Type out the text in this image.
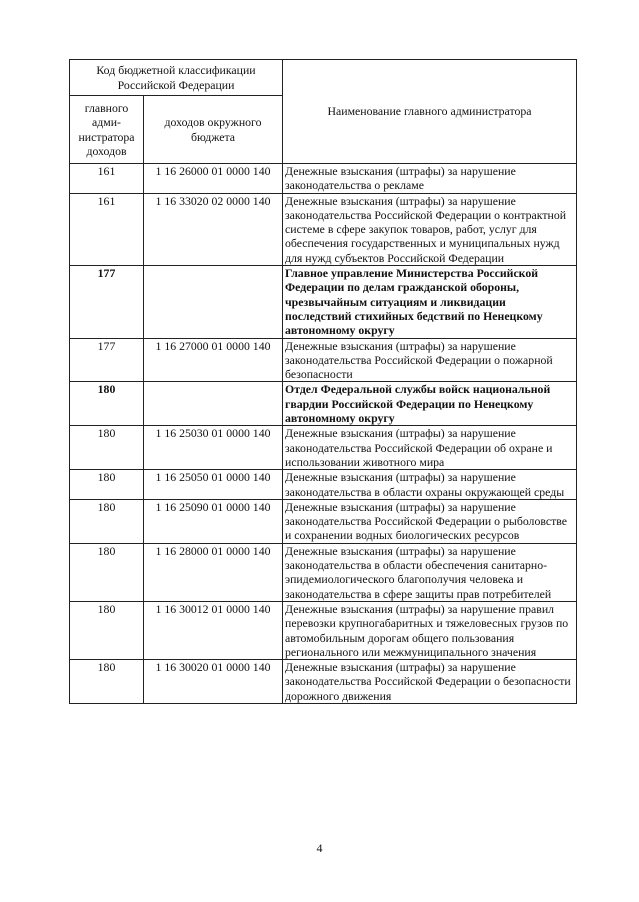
Код бюджетной классификации Российской Федерации		Наименование главного администратора
главного адми-нистратора доходов	доходов окружного бюджета	
161	1 16 26000 01 0000 140	Денежные взыскания (штрафы) за нарушение законодательства о рекламе
161	1 16 33020 02 0000 140	Денежные взыскания (штрафы) за нарушение законодательства Российской Федерации о контрактной системе в сфере закупок товаров, работ, услуг для обеспечения государственных и муниципальных нужд для нужд субъектов Российской Федерации
177		Главное управление Министерства Российской Федерации по делам гражданской обороны, чрезвычайным ситуациям и ликвидации последствий стихийных бедствий по Ненецкому автономному округу
177	1 16 27000 01 0000 140	Денежные взыскания (штрафы) за нарушение законодательства Российской Федерации о пожарной безопасности
180		Отдел Федеральной службы войск национальной гвардии Российской Федерации по Ненецкому автономному округу
180	1 16 25030 01 0000 140	Денежные взыскания (штрафы) за нарушение законодательства Российской Федерации об охране и использовании животного мира
180	1 16 25050 01 0000 140	Денежные взыскания (штрафы) за нарушение законодательства в области охраны окружающей среды
180	1 16 25090 01 0000 140	Денежные взыскания (штрафы) за нарушение законодательства Российской Федерации о рыболовстве и сохранении водных биологических ресурсов
180	1 16 28000 01 0000 140	Денежные взыскания (штрафы) за нарушение законодательства в области обеспечения санитарно-эпидемиологического благополучия человека и законодательства в сфере защиты прав потребителей
180	1 16 30012 01 0000 140	Денежные взыскания (штрафы) за нарушение правил перевозки крупногабаритных и тяжеловесных грузов по автомобильным дорогам общего пользования регионального или межмуниципального значения
180	1 16 30020 01 0000 140	Денежные взыскания (штрафы) за нарушение законодательства Российской Федерации о безопасности дорожного движения
4
